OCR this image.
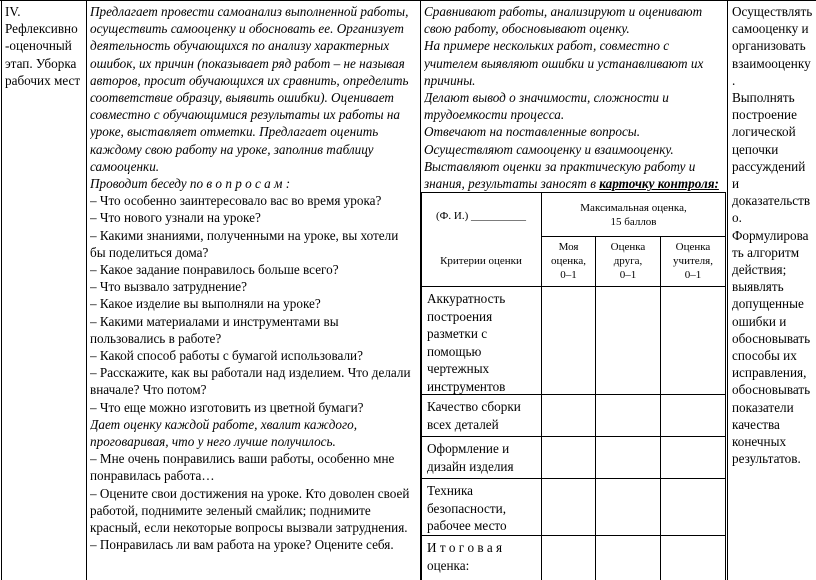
IV.

Рефлексивно

-оценочный

этап. Уборка

рабочих мест

Предлагает провести самоанализ выполненной работы,

осуществить самооценку и обосновать ее. Организует

деятельность обучающихся по анализу характерных

ошибок, их причин (показывает ряд работ – не называя

авторов, просит обучающихся их сравнить, определить

соответствие образцу, выявить ошибки). Оценивает

совместно с обучающимися результаты их работы на

уроке, выставляет отметки. Предлагает оценить

каждому свою работу на уроке, заполнив таблицу

самооценки.

Проводит беседу по в о п р о с а м :

– Что особенно заинтересовало вас во время урока?

– Что нового узнали на уроке?

– Какими знаниями, полученными на уроке, вы хотели

бы поделиться дома?

– Какое задание понравилось больше всего?

– Что вызвало затруднение?

– Какое изделие вы выполняли на уроке?

– Какими материалами и инструментами вы

пользовались в работе?

– Какой способ работы с бумагой использовали?

– Расскажите, как вы работали над изделием. Что делали

вначале? Что потом?

– Что еще можно изготовить из цветной бумаги?

Дает оценку каждой работе, хвалит каждого,

проговаривая, что у него лучше получилось.

– Мне очень понравились ваши работы, особенно мне

понравилась работа…

– Оцените свои достижения на уроке. Кто доволен своей

работой, поднимите зеленый смайлик; поднимите

красный, если некоторые вопросы вызвали затруднения.

– Понравилась ли вам работа на уроке? Оцените себя.

Сравнивают работы, анализируют и оценивают

свою работу, обосновывают оценку.

На примере нескольких работ, совместно с

учителем выявляют ошибки и устанавливают их

причины.

Делают вывод о значимости, сложности и

трудоемкости процесса.

Отвечают на поставленные вопросы.

Осуществляют самооценку и взаимооценку.

Выставляют оценки за практическую работу и

знания, результаты заносят в карточку контроля:

Осуществлять

самооценку и

организовать

взаимооценку

.

Выполнять

построение

логической

цепочки

рассуждений

и

доказательств

о.

Формулирова

ть алгоритм

действия;

выявлять

допущенные

ошибки и

обосновывать

способы их

исправления,

обосновывать

показатели

качества

конечных

результатов.

(Ф. И.) __________
Максимальная оценка,
15 баллов
Критерии оценки
Моя
оценка,
0–1
Оценка
друга,
0–1
Оценка
учителя,
0–1
Аккуратность
построения
разметки с
помощью
чертежных
инструментов
Качество сборки
всех деталей
Оформление и
дизайн изделия
Техника
безопасности,
рабочее место
И т о г о в а я
оценка:
